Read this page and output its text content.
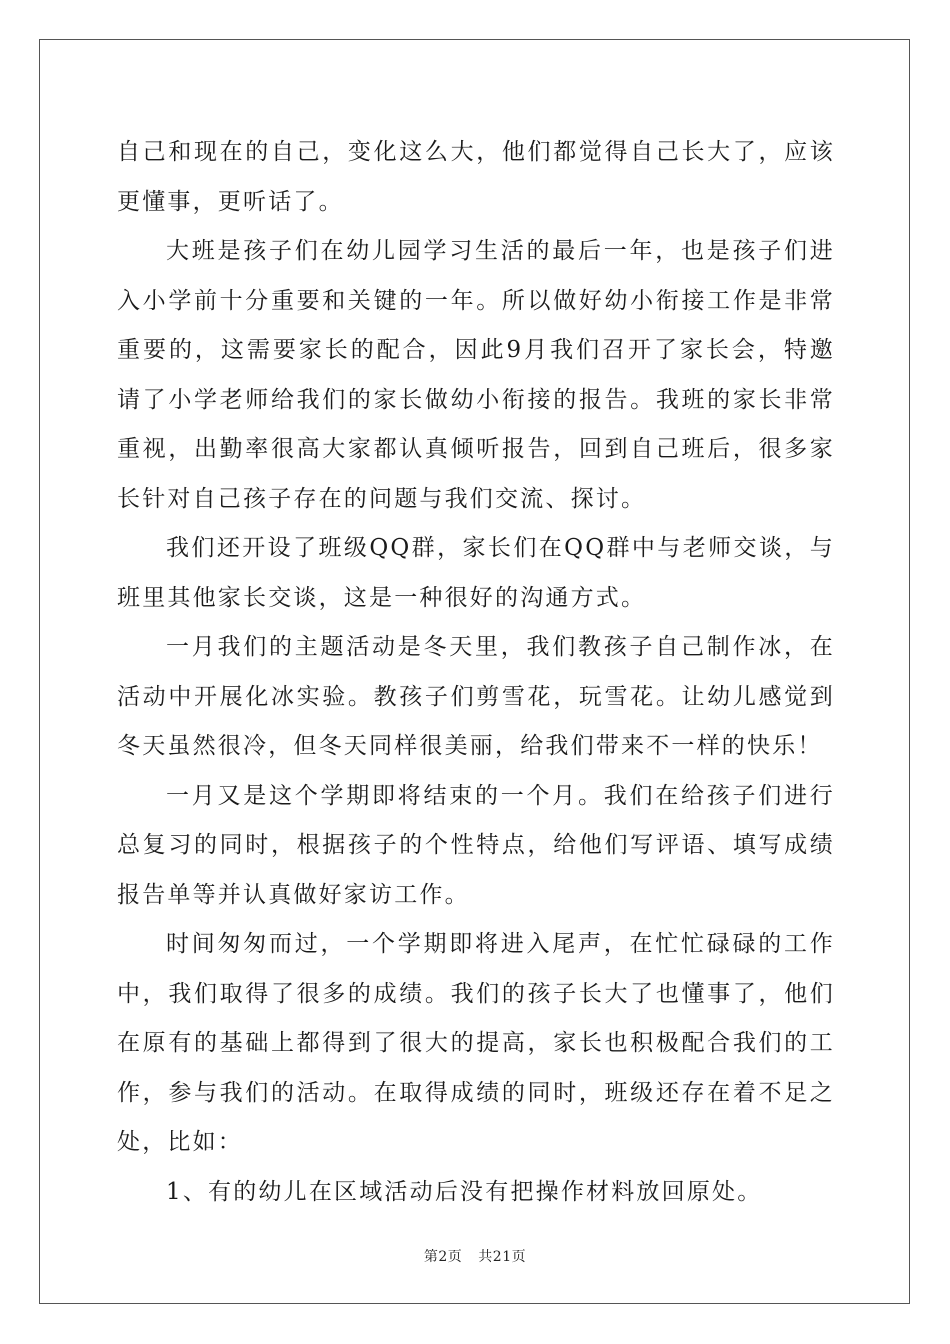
自己和现在的自己，变化这么大，他们都觉得自己长大了，应该更懂事，更听话了。

大班是孩子们在幼儿园学习生活的最后一年，也是孩子们进入小学前十分重要和关键的一年。所以做好幼小衔接工作是非常重要的，这需要家长的配合，因此9月我们召开了家长会，特邀请了小学老师给我们的家长做幼小衔接的报告。我班的家长非常重视，出勤率很高大家都认真倾听报告，回到自己班后，很多家长针对自己孩子存在的问题与我们交流、探讨。

我们还开设了班级QQ群，家长们在QQ群中与老师交谈，与班里其他家长交谈，这是一种很好的沟通方式。

一月我们的主题活动是冬天里，我们教孩子自己制作冰，在活动中开展化冰实验。教孩子们剪雪花，玩雪花。让幼儿感觉到冬天虽然很冷，但冬天同样很美丽，给我们带来不一样的快乐！

一月又是这个学期即将结束的一个月。我们在给孩子们进行总复习的同时，根据孩子的个性特点，给他们写评语、填写成绩报告单等并认真做好家访工作。

时间匆匆而过，一个学期即将进入尾声，在忙忙碌碌的工作中，我们取得了很多的成绩。我们的孩子长大了也懂事了，他们在原有的基础上都得到了很大的提高，家长也积极配合我们的工作，参与我们的活动。在取得成绩的同时，班级还存在着不足之处，比如：

1、有的幼儿在区域活动后没有把操作材料放回原处。

第2页 共21页
